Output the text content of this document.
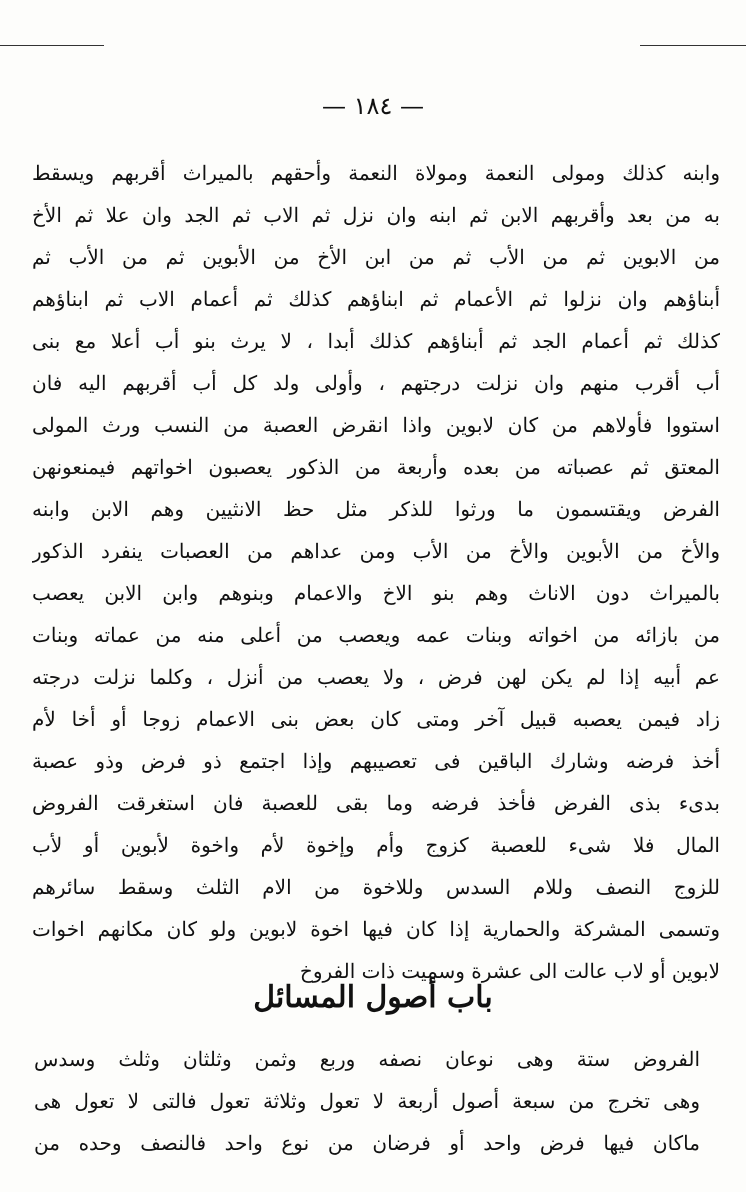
— ١٨٤ —
وابنه كذلك ومولى النعمة ومولاة النعمة وأحقهم بالميراث أقربهم ويسقط
به من بعد وأقربهم الابن ثم ابنه وان نزل ثم الاب ثم الجد وان علا ثم الأخ
من الابوين ثم من الأب ثم من ابن الأخ من الأبوين ثم من الأب ثم
أبناؤهم وان نزلوا ثم الأعمام ثم ابناؤهم كذلك ثم أعمام الاب ثم ابناؤهم
كذلك ثم أعمام الجد ثم أبناؤهم كذلك أبدا ، لا يرث بنو أب أعلا مع بنى
أب أقرب منهم وان نزلت درجتهم ، وأولى ولد كل أب أقربهم اليه فان
استووا فأولاهم من كان لابوين واذا انقرض العصبة من النسب ورث المولى
المعتق ثم عصباته من بعده وأربعة من الذكور يعصبون اخواتهم فيمنعونهن
الفرض ويقتسمون ما ورثوا للذكر مثل حظ الانثيين وهم الابن وابنه
والأخ من الأبوين والأخ من الأب ومن عداهم من العصبات ينفرد الذكور
بالميراث دون الاناث وهم بنو الاخ والاعمام وبنوهم وابن الابن يعصب
من بازائه من اخواته وبنات عمه ويعصب من أعلى منه من عماته وبنات
عم أبيه إذا لم يكن لهن فرض ، ولا يعصب من أنزل ، وكلما نزلت درجته
زاد فيمن يعصبه قبيل آخر ومتى كان بعض بنى الاعمام زوجا أو أخا لأم
أخذ فرضه وشارك الباقين فى تعصيبهم وإذا اجتمع ذو فرض وذو عصبة
بدىء بذى الفرض فأخذ فرضه وما بقى للعصبة فان استغرقت الفروض
المال فلا شىء للعصبة كزوج وأم وإخوة لأم واخوة لأبوين أو لأب
للزوج النصف وللام السدس وللاخوة من الام الثلث وسقط سائرهم
وتسمى المشركة والحمارية إذا كان فيها اخوة لابوين ولو كان مكانهم اخوات
لابوين أو لاب عالت الى عشرة وسميت ذات الفروخ
باب أصول المسائل
الفروض ستة وهى نوعان نصفه وربع وثمن وثلثان وثلث وسدس
وهى تخرج من سبعة أصول أربعة لا تعول وثلاثة تعول فالتى لا تعول هى
ماكان فيها فرض واحد أو فرضان من نوع واحد فالنصف وحده من
